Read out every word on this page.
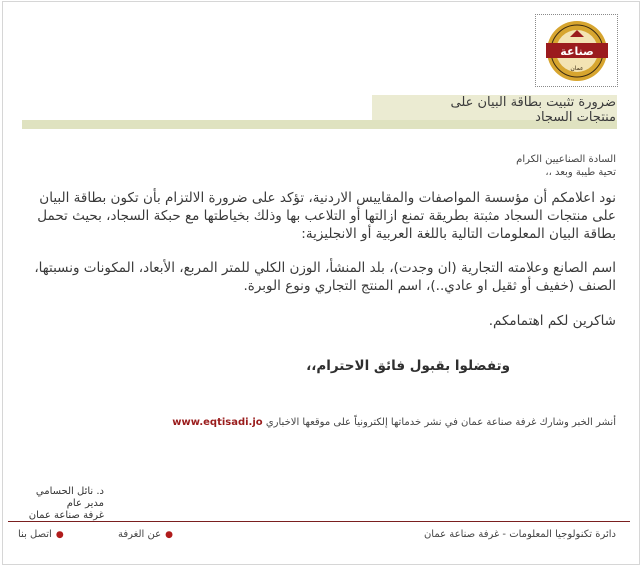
صناعة
عمان
ضرورة تثبيت بطاقة البيان على
منتجات السجاد
السادة الصناعيين الكرام
تحية طيبة وبعد ،،
نود اعلامكم أن مؤسسة المواصفات والمقاييس الاردنية، تؤكد على ضرورة الالتزام بأن تكون بطاقة البيان على منتجات السجاد مثبتة بطريقة تمنع ازالتها أو التلاعب بها وذلك بخياطتها مع حبكة السجاد، بحيث تحمل بطاقة البيان المعلومات التالية باللغة العربية أو الانجليزية:
اسم الصانع وعلامته التجارية (ان وجدت)، بلد المنشأ، الوزن الكلي للمتر المربع، الأبعاد، المكونات ونسبتها، الصنف (خفيف أو ثقيل او عادي..)، اسم المنتج التجاري ونوع الوبرة.
شاكرين لكم اهتمامكم.
وتفضلوا بقبول فائق الاحترام،،
أنشر الخبر وشارك غرفة صناعة عمان في نشر خدماتها إلكترونياً على موقعها الاخباري www.eqtisadi.jo
د. نائل الحسامي
مدير عام
غرفة صناعة عمان
دائرة تكنولوجيا المعلومات - غرفة صناعة عمان
●عن الغرفة
●اتصل بنا
